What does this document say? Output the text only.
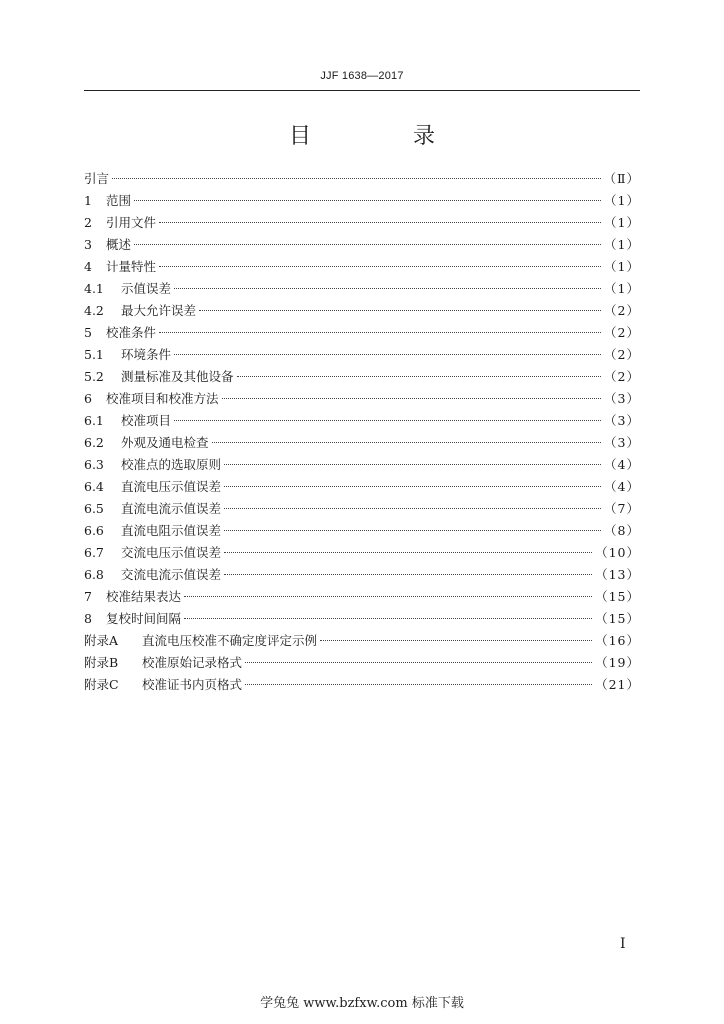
JJF 1638—2017
目　录
引言	（Ⅱ）
1	范围	（1）
2	引用文件	（1）
3	概述	（1）
4	计量特性	（1）
4.1	示值误差	（1）
4.2	最大允许误差	（2）
5	校准条件	（2）
5.1	环境条件	（2）
5.2	测量标准及其他设备	（2）
6	校准项目和校准方法	（3）
6.1	校准项目	（3）
6.2	外观及通电检查	（3）
6.3	校准点的选取原则	（4）
6.4	直流电压示值误差	（4）
6.5	直流电流示值误差	（7）
6.6	直流电阻示值误差	（8）
6.7	交流电压示值误差	（10）
6.8	交流电流示值误差	（13）
7	校准结果表达	（15）
8	复校时间间隔	（15）
附录A	直流电压校准不确定度评定示例	（16）
附录B	校准原始记录格式	（19）
附录C	校准证书内页格式	（21）
I
学兔兔 www.bzfxw.com 标准下载
